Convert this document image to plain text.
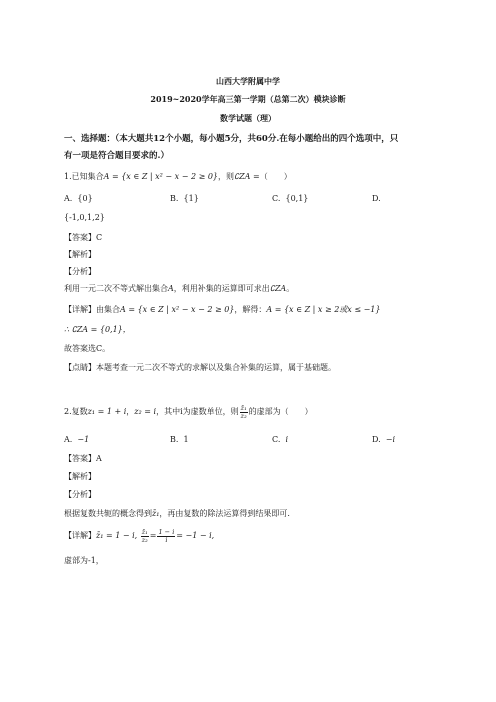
山西大学附属中学
2019~2020学年高三第一学期（总第二次）模块诊断
数学试题（理）
一、选择题：（本大题共12个小题，每小题5分，共60分.在每小题给出的四个选项中，只
有一项是符合题目要求的.）
1.已知集合A = {x ∈ Z | x² − x − 2 ≥ 0}，则∁ZA =（　　）
A. {0}	B. {1}	C. {0,1}	D.
{-1,0,1,2}
【答案】C
【解析】
【分析】
利用一元二次不等式解出集合A，利用补集的运算即可求出∁ZA。
【详解】由集合A = {x ∈ Z | x² − x − 2 ≥ 0}，解得：A = {x ∈ Z | x ≥ 2或x ≤ −1}
∴ ∁ZA = {0,1}，
故答案选C。
【点睛】本题考查一元二次不等式的求解以及集合补集的运算，属于基础题。
2.复数z₁ = 1 + i，z₂ = i，其中i为虚数单位，则 $\frac{\text{z̄₁}}{\text{z₂}}$ 的虚部为（　　）
A. −1	B. 1	C. i	D. −i
【答案】A
【解析】
【分析】
根据复数共轭的概念得到z̄₁，再由复数的除法运算得到结果即可.
【详解】z̄₁ = 1 − i, $\frac{\text{z̄₁}}{\text{z₂}} = \frac{1 - i}{i} = -1 - i$,
虚部为-1，
